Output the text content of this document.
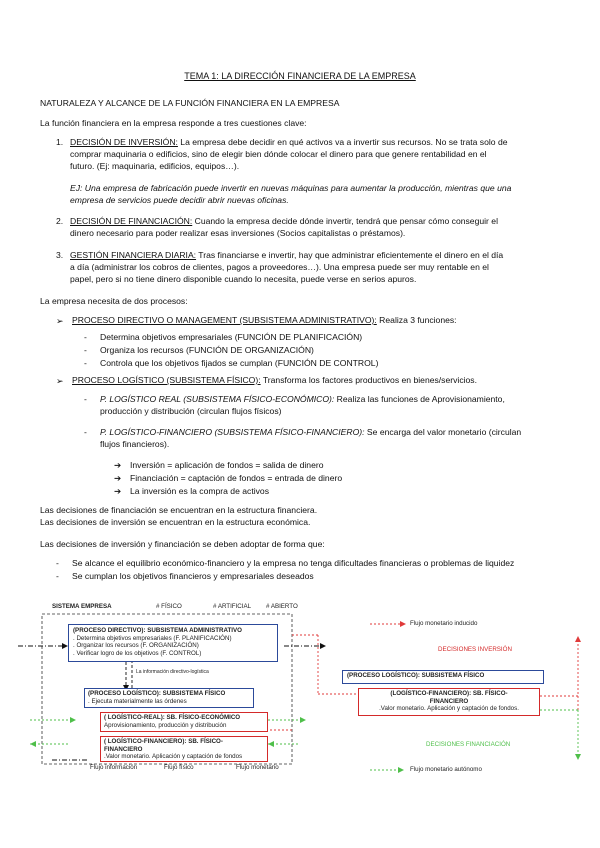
TEMA 1: LA DIRECCIÓN FINANCIERA DE LA EMPRESA
NATURALEZA Y ALCANCE DE LA FUNCIÓN FINANCIERA EN LA EMPRESA
La función financiera en la empresa responde a tres cuestiones clave:
1. DECISIÓN DE INVERSIÓN: La empresa debe decidir en qué activos va a invertir sus recursos. No se trata solo de
comprar maquinaria o edificios, sino de elegir bien dónde colocar el dinero para que genere rentabilidad en el
futuro. (Ej: maquinaria, edificios, equipos…).
EJ: Una empresa de fabricación puede invertir en nuevas máquinas para aumentar la producción, mientras que una
empresa de servicios puede decidir abrir nuevas oficinas.
2. DECISIÓN DE FINANCIACIÓN: Cuando la empresa decide dónde invertir, tendrá que pensar cómo conseguir el
dinero necesario para poder realizar esas inversiones (Socios capitalistas o préstamos).
3. GESTIÓN FINANCIERA DIARIA: Tras financiarse e invertir, hay que administrar eficientemente el dinero en el día
a día (administrar los cobros de clientes, pagos a proveedores…). Una empresa puede ser muy rentable en el
papel, pero si no tiene dinero disponible cuando lo necesita, puede verse en serios apuros.
La empresa necesita de dos procesos:
➢ PROCESO DIRECTIVO O MANAGEMENT (SUBSISTEMA ADMINISTRATIVO): Realiza 3 funciones:
- Determina objetivos empresariales (FUNCIÓN DE PLANIFICACIÓN)
- Organiza los recursos (FUNCIÓN DE ORGANIZACIÓN)
- Controla que los objetivos fijados se cumplan (FUNCIÓN DE CONTROL)
➢ PROCESO LOGÍSTICO (SUBSISTEMA FÍSICO): Transforma los factores productivos en bienes/servicios.
- P. LOGÍSTICO REAL (SUBSISTEMA FÍSICO-ECONÓMICO): Realiza las funciones de Aprovisionamiento,
producción y distribución (circulan flujos físicos)
- P. LOGÍSTICO-FINANCIERO (SUBSISTEMA FÍSICO-FINANCIERO): Se encarga del valor monetario (circulan
flujos financieros).
➔ Inversión = aplicación de fondos = salida de dinero
➔ Financiación = captación de fondos = entrada de dinero
➔ La inversión es la compra de activos
Las decisiones de financiación se encuentran en la estructura financiera.
Las decisiones de inversión se encuentran en la estructura económica.
Las decisiones de inversión y financiación se deben adoptar de forma que:
- Se alcance el equilibrio económico-financiero y la empresa no tenga dificultades financieras o problemas de liquidez
- Se cumplan los objetivos financieros y empresariales deseados
SISTEMA EMPRESA	# FÍSICO	# ARTIFICIAL # ABIERTO
(PROCESO DIRECTIVO): SUBSISTEMA ADMINISTRATIVO
. Determina objetivos empresariales (F. PLANIFICACIÓN)
. Organizar los recursos (F. ORGANIZACIÓN)
. Verificar logro de los objetivos (F. CONTROL)
La información directivo-logística
(PROCESO LOGÍSTICO): SUBSISTEMA FÍSICO
. Ejecuta materialmente las órdenes
( LOGÍSTICO-REAL): SB. FÍSICO-ECONÓMICO
Aprovisionamiento, producción y distribución
( LOGÍSTICO-FINANCIERO): SB. FÍSICO-
FINANCIERO
.Valor monetario. Aplicación y captación de fondos
Flujo información	Flujo físico	Flujo monetario
Flujo monetario inducido
DECISIONES INVERSIÓN
(PROCESO LOGÍSTICO): SUBSISTEMA FÍSICO
(LOGÍSTICO-FINANCIERO): SB. FÍSICO-
FINANCIERO
.Valor monetario. Aplicación y captación de fondos.
DECISIONES FINANCIACIÓN
Flujo monetario autónomo
